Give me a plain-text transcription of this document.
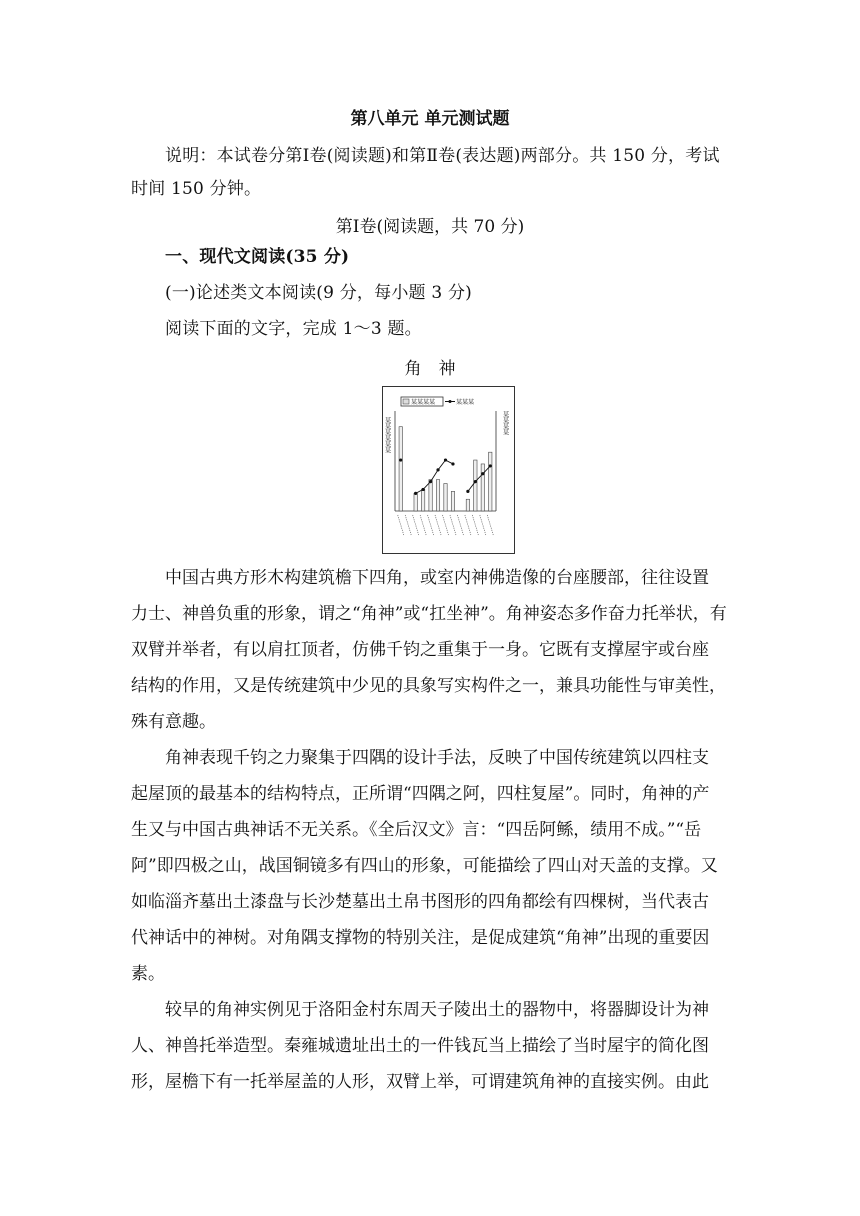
第八单元 单元测试题
说明：本试卷分第Ⅰ卷(阅读题)和第Ⅱ卷(表达题)两部分。共 150 分，考试
时间 150 分钟。
第Ⅰ卷(阅读题，共 70 分)
一、现代文阅读(35 分)
(一)论述类文本阅读(9 分，每小题 3 分)
阅读下面的文字，完成 1～3 题。
角　神
某某某某	某某某
某某某某某某	某某某某
　　中国古典方形木构建筑檐下四角，或室内神佛造像的台座腰部，往往设置
力士、神兽负重的形象，谓之“角神”或“扛坐神”。角神姿态多作奋力托举状，有
双臂并举者，有以肩扛顶者，仿佛千钧之重集于一身。它既有支撑屋宇或台座
结构的作用，又是传统建筑中少见的具象写实构件之一，兼具功能性与审美性，
殊有意趣。
　　角神表现千钧之力聚集于四隅的设计手法，反映了中国传统建筑以四柱支
起屋顶的最基本的结构特点，正所谓“四隅之阿，四柱复屋”。同时，角神的产
生又与中国古典神话不无关系。《全后汉文》言：“四岳阿鲧，绩用不成。”“岳
阿”即四极之山，战国铜镜多有四山的形象，可能描绘了四山对天盖的支撑。又
如临淄齐墓出土漆盘与长沙楚墓出土帛书图形的四角都绘有四棵树，当代表古
代神话中的神树。对角隅支撑物的特别关注，是促成建筑“角神”出现的重要因
素。
　　较早的角神实例见于洛阳金村东周天子陵出土的器物中，将器脚设计为神
人、神兽托举造型。秦雍城遗址出土的一件钱瓦当上描绘了当时屋宇的简化图
形，屋檐下有一托举屋盖的人形，双臂上举，可谓建筑角神的直接实例。由此
